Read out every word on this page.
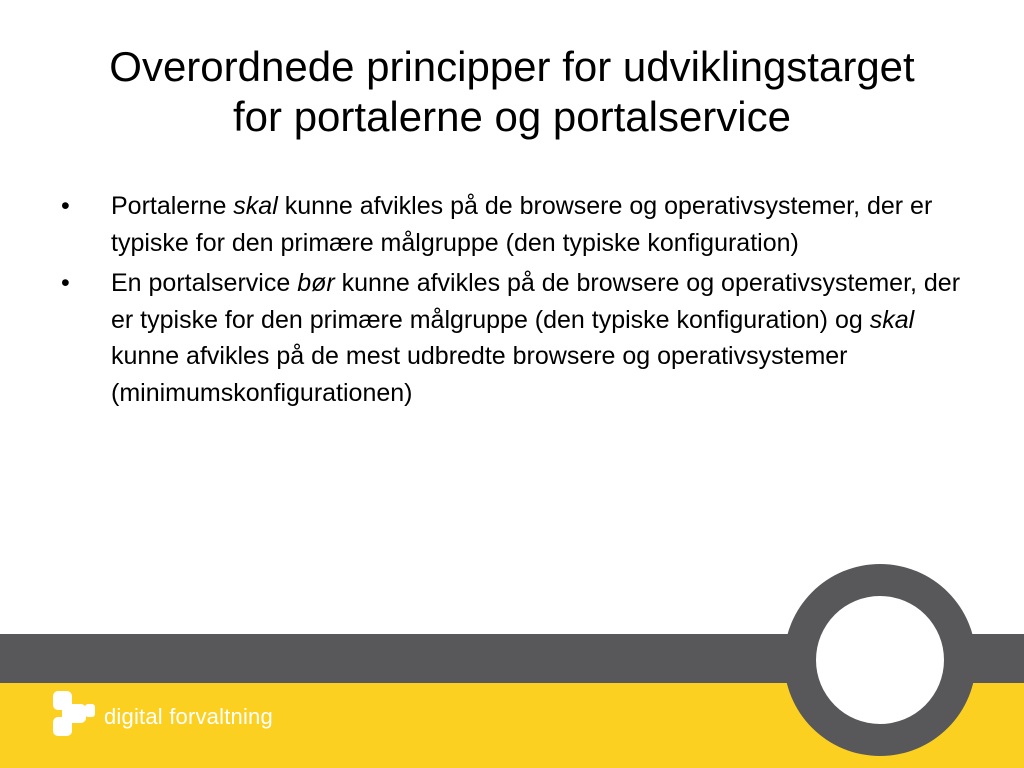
Overordnede principper for udviklingstarget
for portalerne og portalservice
• Portalerne skal kunne afvikles på de browsere og operativsystemer, der er typiske for den primære målgruppe (den typiske konfiguration)
• En portalservice bør kunne afvikles på de browsere og operativsystemer, der er typiske for den primære målgruppe (den typiske konfiguration) og skal kunne afvikles på de mest udbredte browsere og operativsystemer (minimumskonfigurationen)
digital forvaltning
